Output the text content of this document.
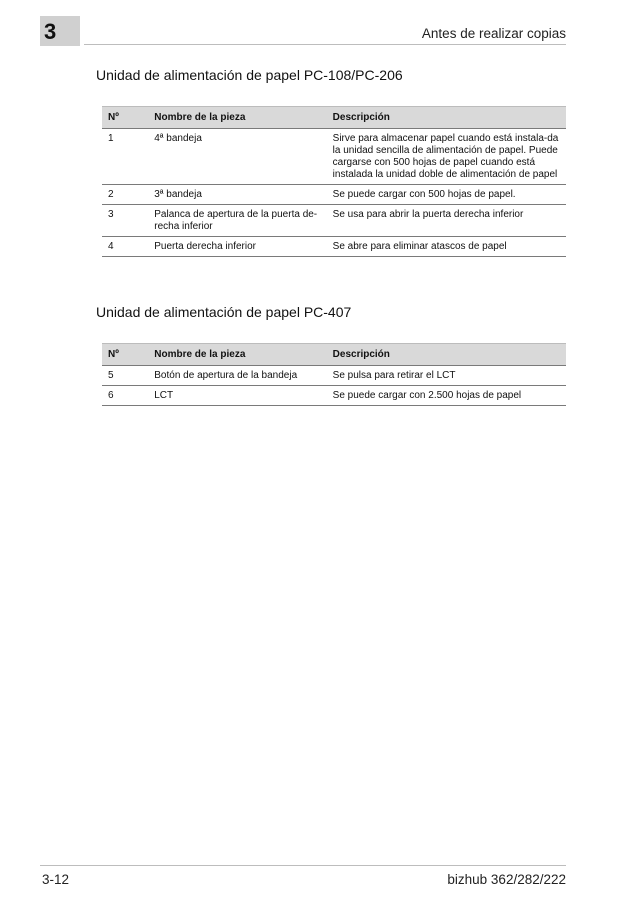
3	Antes de realizar copias
Unidad de alimentación de papel PC-108/PC-206
Nº	Nombre de la pieza	Descripción
1	4ª bandeja	Sirve para almacenar papel cuando está instala-da la unidad sencilla de alimentación de papel. Puede cargarse con 500 hojas de papel cuando está instalada la unidad doble de alimentación de papel
2	3ª bandeja	Se puede cargar con 500 hojas de papel.
3	Palanca de apertura de la puerta de-recha inferior	Se usa para abrir la puerta derecha inferior
4	Puerta derecha inferior	Se abre para eliminar atascos de papel
Unidad de alimentación de papel PC-407
Nº	Nombre de la pieza	Descripción
5	Botón de apertura de la bandeja	Se pulsa para retirar el LCT
6	LCT	Se puede cargar con 2.500 hojas de papel
3-12	bizhub 362/282/222
